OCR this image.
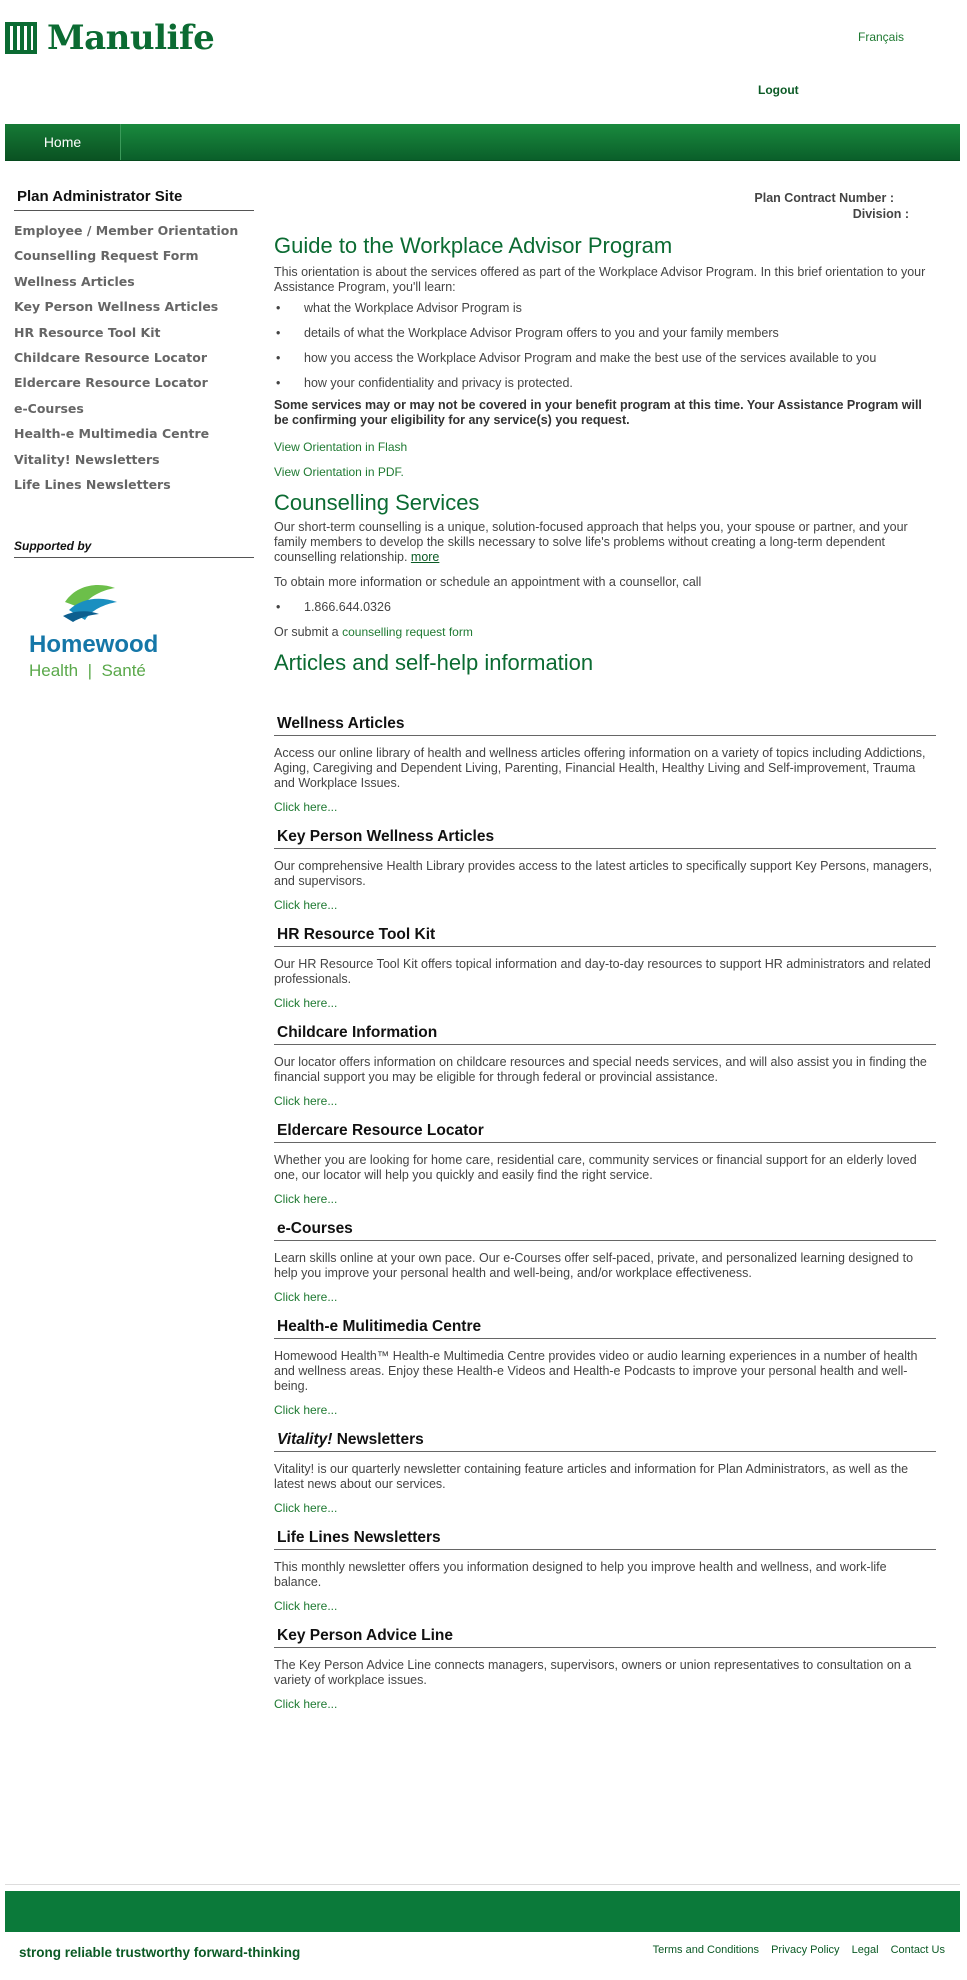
Manulife	Français
Logout
Home
Plan Administrator Site
Employee / Member Orientation
Counselling Request Form
Wellness Articles
Key Person Wellness Articles
HR Resource Tool Kit
Childcare Resource Locator
Eldercare Resource Locator
e-Courses
Health-e Multimedia Centre
Vitality! Newsletters
Life Lines Newsletters
Supported by
Homewood
Health  |  Santé
Plan Contract Number :
Division :
Guide to the Workplace Advisor Program

This orientation is about the services offered as part of the Workplace Advisor Program. In this brief orientation to your Assistance Program, you'll learn:

• what the Workplace Advisor Program is
• details of what the Workplace Advisor Program offers to you and your family members
• how you access the Workplace Advisor Program and make the best use of the services available to you
• how your confidentiality and privacy is protected.

Some services may or may not be covered in your benefit program at this time. Your Assistance Program will be confirming your eligibility for any service(s) you request.

View Orientation in Flash
View Orientation in PDF.
Counselling Services

Our short-term counselling is a unique, solution-focused approach that helps you, your spouse or partner, and your family members to develop the skills necessary to solve life's problems without creating a long-term dependent counselling relationship. more

To obtain more information or schedule an appointment with a counsellor, call

• 1.866.644.0326

Or submit a counselling request form

Articles and self-help information
Wellness Articles

Access our online library of health and wellness articles offering information on a variety of topics including Addictions, Aging, Caregiving and Dependent Living, Parenting, Financial Health, Healthy Living and Self-improvement, Trauma and Workplace Issues.

Click here...
Key Person Wellness Articles

Our comprehensive Health Library provides access to the latest articles to specifically support Key Persons, managers, and supervisors.

Click here...
HR Resource Tool Kit

Our HR Resource Tool Kit offers topical information and day-to-day resources to support HR administrators and related professionals.

Click here...
Childcare Information

Our locator offers information on childcare resources and special needs services, and will also assist you in finding the financial support you may be eligible for through federal or provincial assistance.

Click here...
Eldercare Resource Locator

Whether you are looking for home care, residential care, community services or financial support for an elderly loved one, our locator will help you quickly and easily find the right service.

Click here...
e-Courses

Learn skills online at your own pace. Our e-Courses offer self-paced, private, and personalized learning designed to help you improve your personal health and well-being, and/or workplace effectiveness.

Click here...
Health-e Mulitimedia Centre

Homewood Health™ Health-e Multimedia Centre provides video or audio learning experiences in a number of health and wellness areas. Enjoy these Health-e Videos and Health-e Podcasts to improve your personal health and well-being.

Click here...
Vitality! Newsletters

Vitality! is our quarterly newsletter containing feature articles and information for Plan Administrators, as well as the latest news about our services.

Click here...
Life Lines Newsletters

This monthly newsletter offers you information designed to help you improve health and wellness, and work-life balance.

Click here...
Key Person Advice Line

The Key Person Advice Line connects managers, supervisors, owners or union representatives to consultation on a variety of workplace issues.

Click here...
strong reliable trustworthy forward-thinking	Terms and Conditions Privacy Policy Legal Contact Us
